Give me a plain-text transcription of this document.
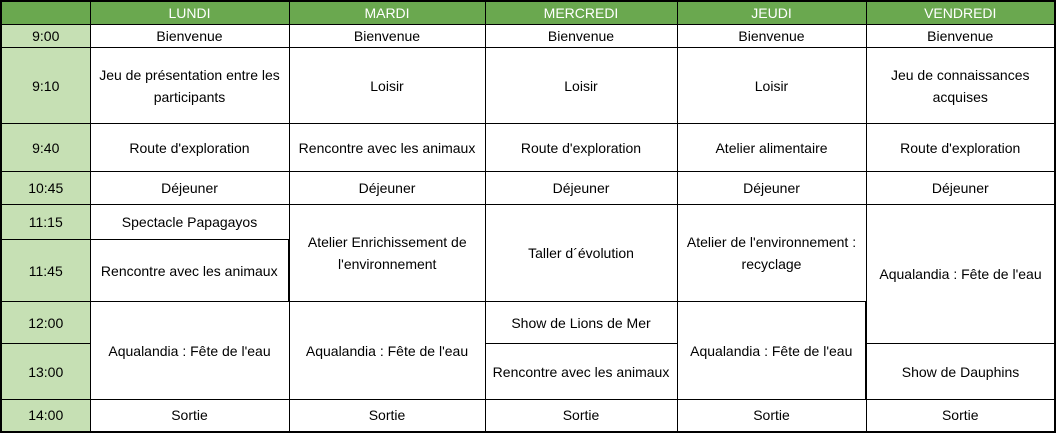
	LUNDI	MARDI	MERCREDI	JEUDI	VENDREDI
9:00	Bienvenue	Bienvenue	Bienvenue	Bienvenue	Bienvenue
9:10	Jeu de présentation entre les participants	Loisir	Loisir	Loisir	Jeu de connaissances acquises
9:40	Route d'exploration	Rencontre avec les animaux	Route d'exploration	Atelier alimentaire	Route d'exploration
10:45	Déjeuner	Déjeuner	Déjeuner	Déjeuner	Déjeuner
11:15	Spectacle Papagayos	Atelier Enrichissement de l'environnement	Taller d´évolution	Atelier de l'environnement : recyclage	Aqualandia : Fête de l'eau
11:45	Rencontre avec les animaux				
12:00	Aqualandia : Fête de l'eau	Aqualandia : Fête de l'eau	Show de Lions de Mer	Aqualandia : Fête de l'eau	
13:00			Rencontre avec les animaux		Show de Dauphins
14:00	Sortie	Sortie	Sortie	Sortie	Sortie
